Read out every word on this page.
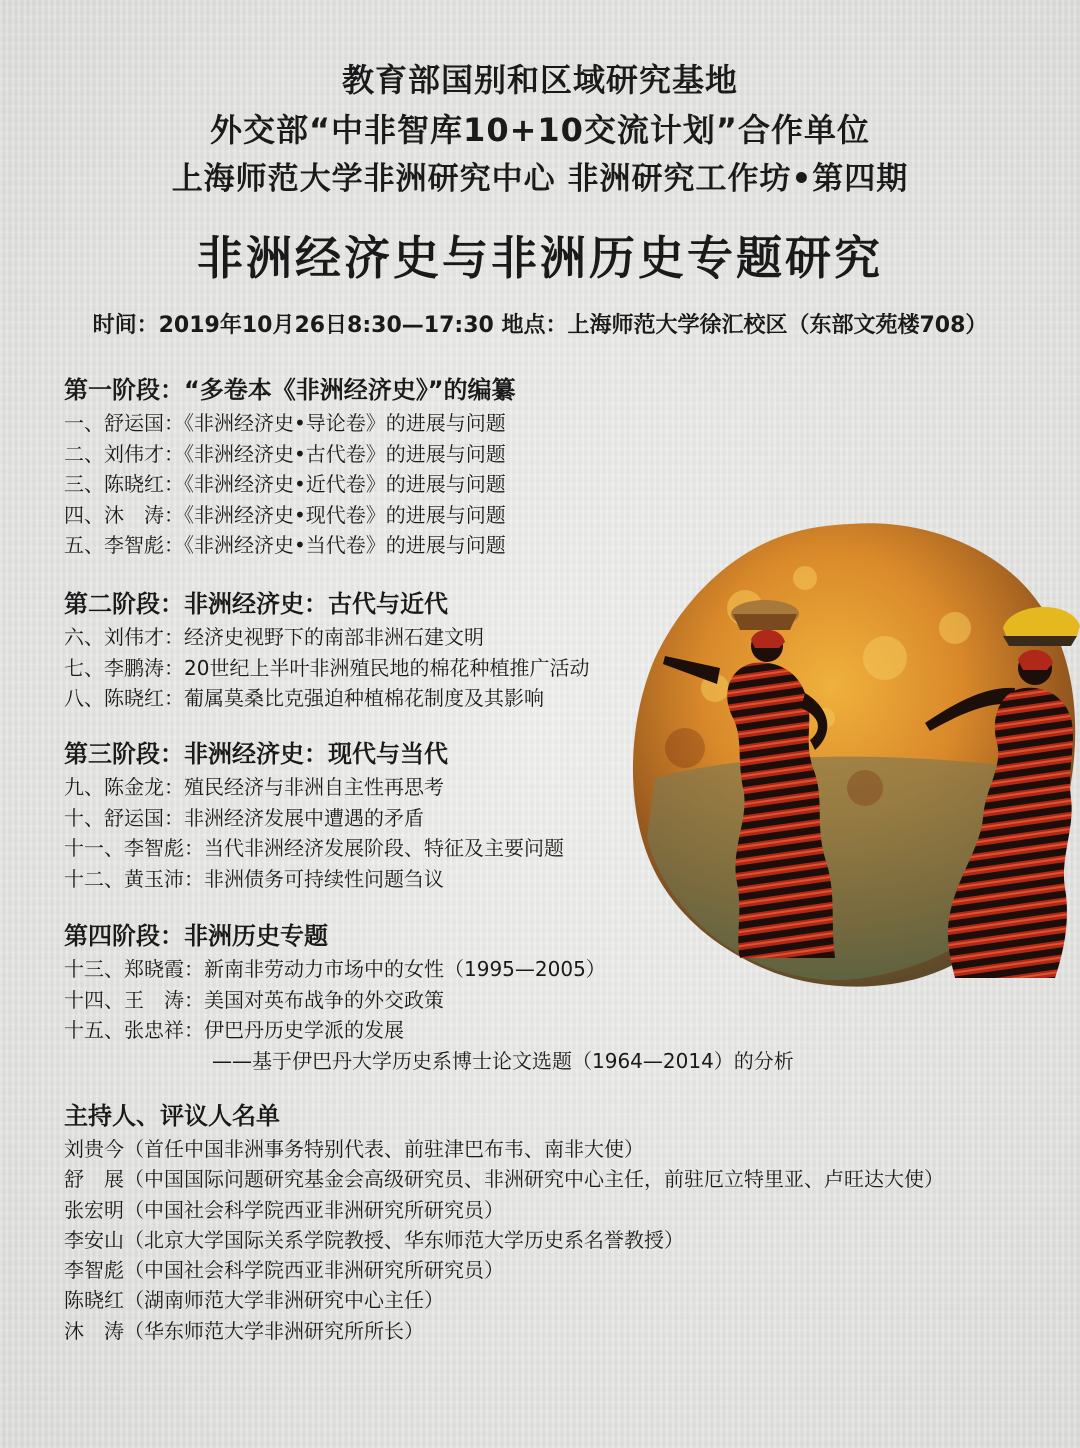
教育部国别和区域研究基地
外交部“中非智库10+10交流计划”合作单位
上海师范大学非洲研究中心 非洲研究工作坊•第四期
非洲经济史与非洲历史专题研究
时间：2019年10月26日8:30—17:30 地点：上海师范大学徐汇校区（东部文苑楼708）
第一阶段：“多卷本《非洲经济史》”的编纂
一、舒运国：《非洲经济史•导论卷》的进展与问题
二、刘伟才：《非洲经济史•古代卷》的进展与问题
三、陈晓红：《非洲经济史•近代卷》的进展与问题
四、沐　涛：《非洲经济史•现代卷》的进展与问题
五、李智彪：《非洲经济史•当代卷》的进展与问题
第二阶段：非洲经济史：古代与近代
六、刘伟才：经济史视野下的南部非洲石建文明
七、李鹏涛：20世纪上半叶非洲殖民地的棉花种植推广活动
八、陈晓红：葡属莫桑比克强迫种植棉花制度及其影响
第三阶段：非洲经济史：现代与当代
九、陈金龙：殖民经济与非洲自主性再思考
十、舒运国：非洲经济发展中遭遇的矛盾
十一、李智彪：当代非洲经济发展阶段、特征及主要问题
十二、黄玉沛：非洲债务可持续性问题刍议
第四阶段：非洲历史专题
十三、郑晓霞：新南非劳动力市场中的女性（1995—2005）
十四、王　涛：美国对英布战争的外交政策
十五、张忠祥：伊巴丹历史学派的发展
——基于伊巴丹大学历史系博士论文选题（1964—2014）的分析
主持人、评议人名单
刘贵今（首任中国非洲事务特别代表、前驻津巴布韦、南非大使）
舒　展（中国国际问题研究基金会高级研究员、非洲研究中心主任，前驻厄立特里亚、卢旺达大使）
张宏明（中国社会科学院西亚非洲研究所研究员）
李安山（北京大学国际关系学院教授、华东师范大学历史系名誉教授）
李智彪（中国社会科学院西亚非洲研究所研究员）
陈晓红（湖南师范大学非洲研究中心主任）
沐　涛（华东师范大学非洲研究所所长）
